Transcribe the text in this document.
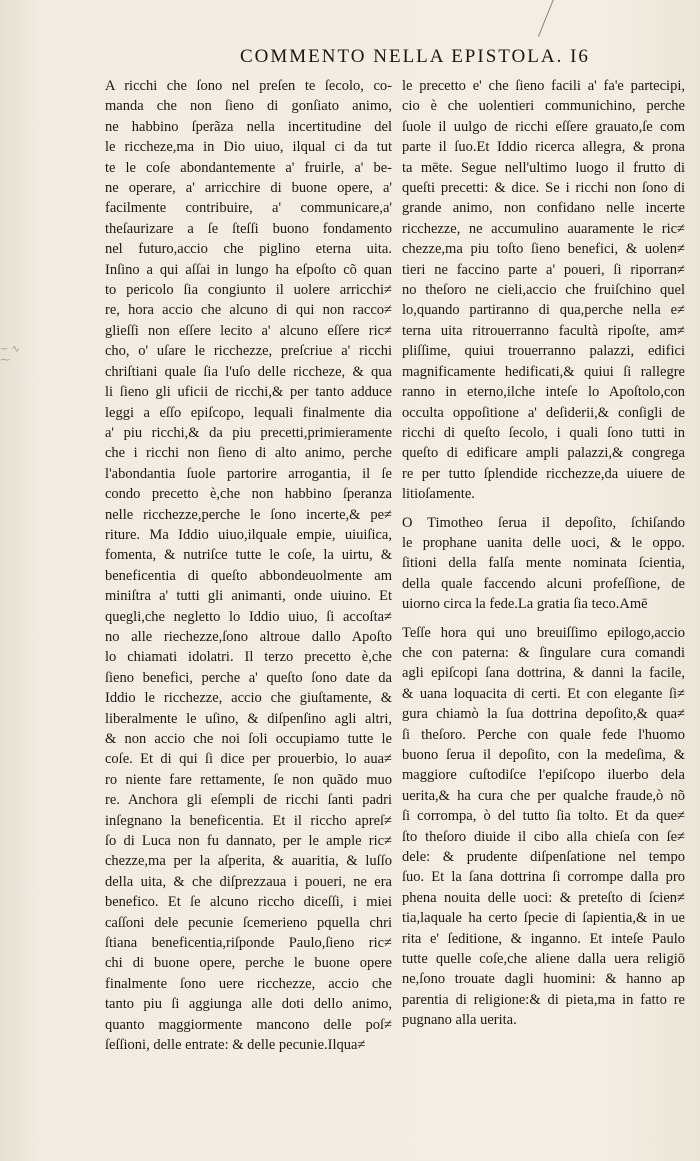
~ ∿ ⁓
COMMENTO NELLA EPISTOLA. I6
A ricchi che ſono nel preſen te ſecolo, co-
manda che non ſieno di gonſiato animo,
ne habbino ſperãza nella incertitudine del
le riccheze,ma in Dio uiuo, ilqual ci da tut
te le coſe abondantemente a' fruirle, a' be-
ne operare, a' arricchire di buone opere, a'
facilmente contribuire, a' communicare,a'
theſaurizare a ſe ſteſſi buono fondamento
nel futuro,accio che piglino eterna uita.
Inſino a qui aſſai in lungo ha eſpoſto cõ quan
to pericolo ſia congiunto il uolere arricchi≠
re, hora accio che alcuno di qui non racco≠
glieſſi non eſſere lecito a' alcuno eſſere ric≠
cho, o' uſare le ricchezze, preſcriue a' ricchi
chriſtiani quale ſia l'uſo delle riccheze, & qua
li ſieno gli uficii de ricchi,& per tanto adduce
leggi a eſſo epiſcopo, lequali finalmente dia
a' piu ricchi,& da piu precetti,primieramente
che i ricchi non ſieno di alto animo, perche
l'abondantia ſuole partorire arrogantia, il ſe
condo precetto è,che non habbino ſperanza
nelle ricchezze,perche le ſono incerte,& pe≠
riture. Ma Iddio uiuo,ilquale empie, uiuiſica,
fomenta, & nutriſce tutte le coſe, la uirtu, &
beneficentia di queſto abbondeuolmente am
miniſtra a' tutti gli animanti, onde uiuino. Et
quegli,che negletto lo Iddio uiuo, ſi accoſta≠
no alle riechezze,ſono altroue dallo Apoſto
lo chiamati idolatri. Il terzo precetto è,che
ſieno benefici, perche a' queſto ſono date da
Iddio le ricchezze, accio che giuſtamente, &
liberalmente le uſino, & diſpenſino agli altri,
& non accio che noi ſoli occupiamo tutte le
coſe. Et di qui ſi dice per prouerbio, lo aua≠
ro niente fare rettamente, ſe non quãdo muo
re. Anchora gli eſempli de ricchi ſanti padri
inſegnano la beneficentia. Et il riccho apreſ≠
ſo di Luca non fu dannato, per le ample ric≠
chezze,ma per la aſperita, & auaritia, & luſſo
della uita, & che diſprezzaua i poueri, ne era
benefico. Et ſe alcuno riccho diceſſi, i miei
caſſoni dele pecunie ſcemerieno pquella chri
ſtiana beneficentia,riſponde Paulo,ſieno ric≠
chi di buone opere, perche le buone opere
finalmente ſono uere ricchezze, accio che
tanto piu ſi aggiunga alle doti dello animo,
quanto maggiormente mancono delle poſ≠
ſeſſioni, delle entrate: & delle pecunie.Ilqua≠
le precetto e' che ſieno facili a' fa'e partecipi,
cio è che uolentieri communichino, perche
ſuole il uulgo de ricchi eſſere grauato,ſe com
parte il ſuo.Et Iddio ricerca allegra, & prona
ta mēte. Segue nell'ultimo luogo il frutto di
queſti precetti: & dice. Se i ricchi non ſono di
grande animo, non confidano nelle incerte
ricchezze, ne accumulino auaramente le ric≠
chezze,ma piu toſto ſieno benefici, & uolen≠
tieri ne faccino parte a' poueri, ſi riporran≠
no theſoro ne cieli,accio che fruiſchino quel
lo,quando partiranno di qua,perche nella e≠
terna uita ritrouerranno facultà ripoſte, am≠
pliſſime, quiui trouerranno palazzi, edifici
magnificamente hedificati,& quiui ſi rallegre
ranno in eterno,ilche inteſe lo Apoſtolo,con
occulta oppoſitione a' deſiderii,& conſigli de
ricchi di queſto ſecolo, i quali ſono tutti in
queſto di edificare ampli palazzi,& congrega
re per tutto ſplendide ricchezze,da uiuere de
litioſamente.
O Timotheo ſerua il depoſito, ſchiſando
le prophane uanita delle uoci, & le oppo.
ſitioni della falſa mente nominata ſcientia,
della quale faccendo alcuni profeſſione, de
uiorno circa la fede.La gratia ſia teco.Amē
Teſſe hora qui uno breuiſſimo epilogo,accio
che con paterna: & ſingulare cura comandi
agli epiſcopi ſana dottrina, & danni la facile,
& uana loquacita di certi. Et con elegante ſi≠
gura chiamò la ſua dottrina depoſito,& qua≠
ſi theſoro. Perche con quale fede l'huomo
buono ſerua il depoſito, con la medeſima, &
maggiore cuſtodiſce l'epiſcopo iluerbo dela
uerita,& ha cura che per qualche fraude,ò nõ
ſi corrompa, ò del tutto ſia tolto. Et da que≠
ſto theſoro diuide il cibo alla chieſa con ſe≠
dele: & prudente diſpenſatione nel tempo
ſuo. Et la ſana dottrina ſi corrompe dalla pro
phena nouita delle uoci: & preteſto di ſcien≠
tia,laquale ha certo ſpecie di ſapientia,& in ue
rita e' ſeditione, & inganno. Et inteſe Paulo
tutte quelle coſe,che aliene dalla uera religiō
ne,ſono trouate dagli huomini: & hanno ap
parentia di religione:& di pieta,ma in fatto re
pugnano alla uerita.
